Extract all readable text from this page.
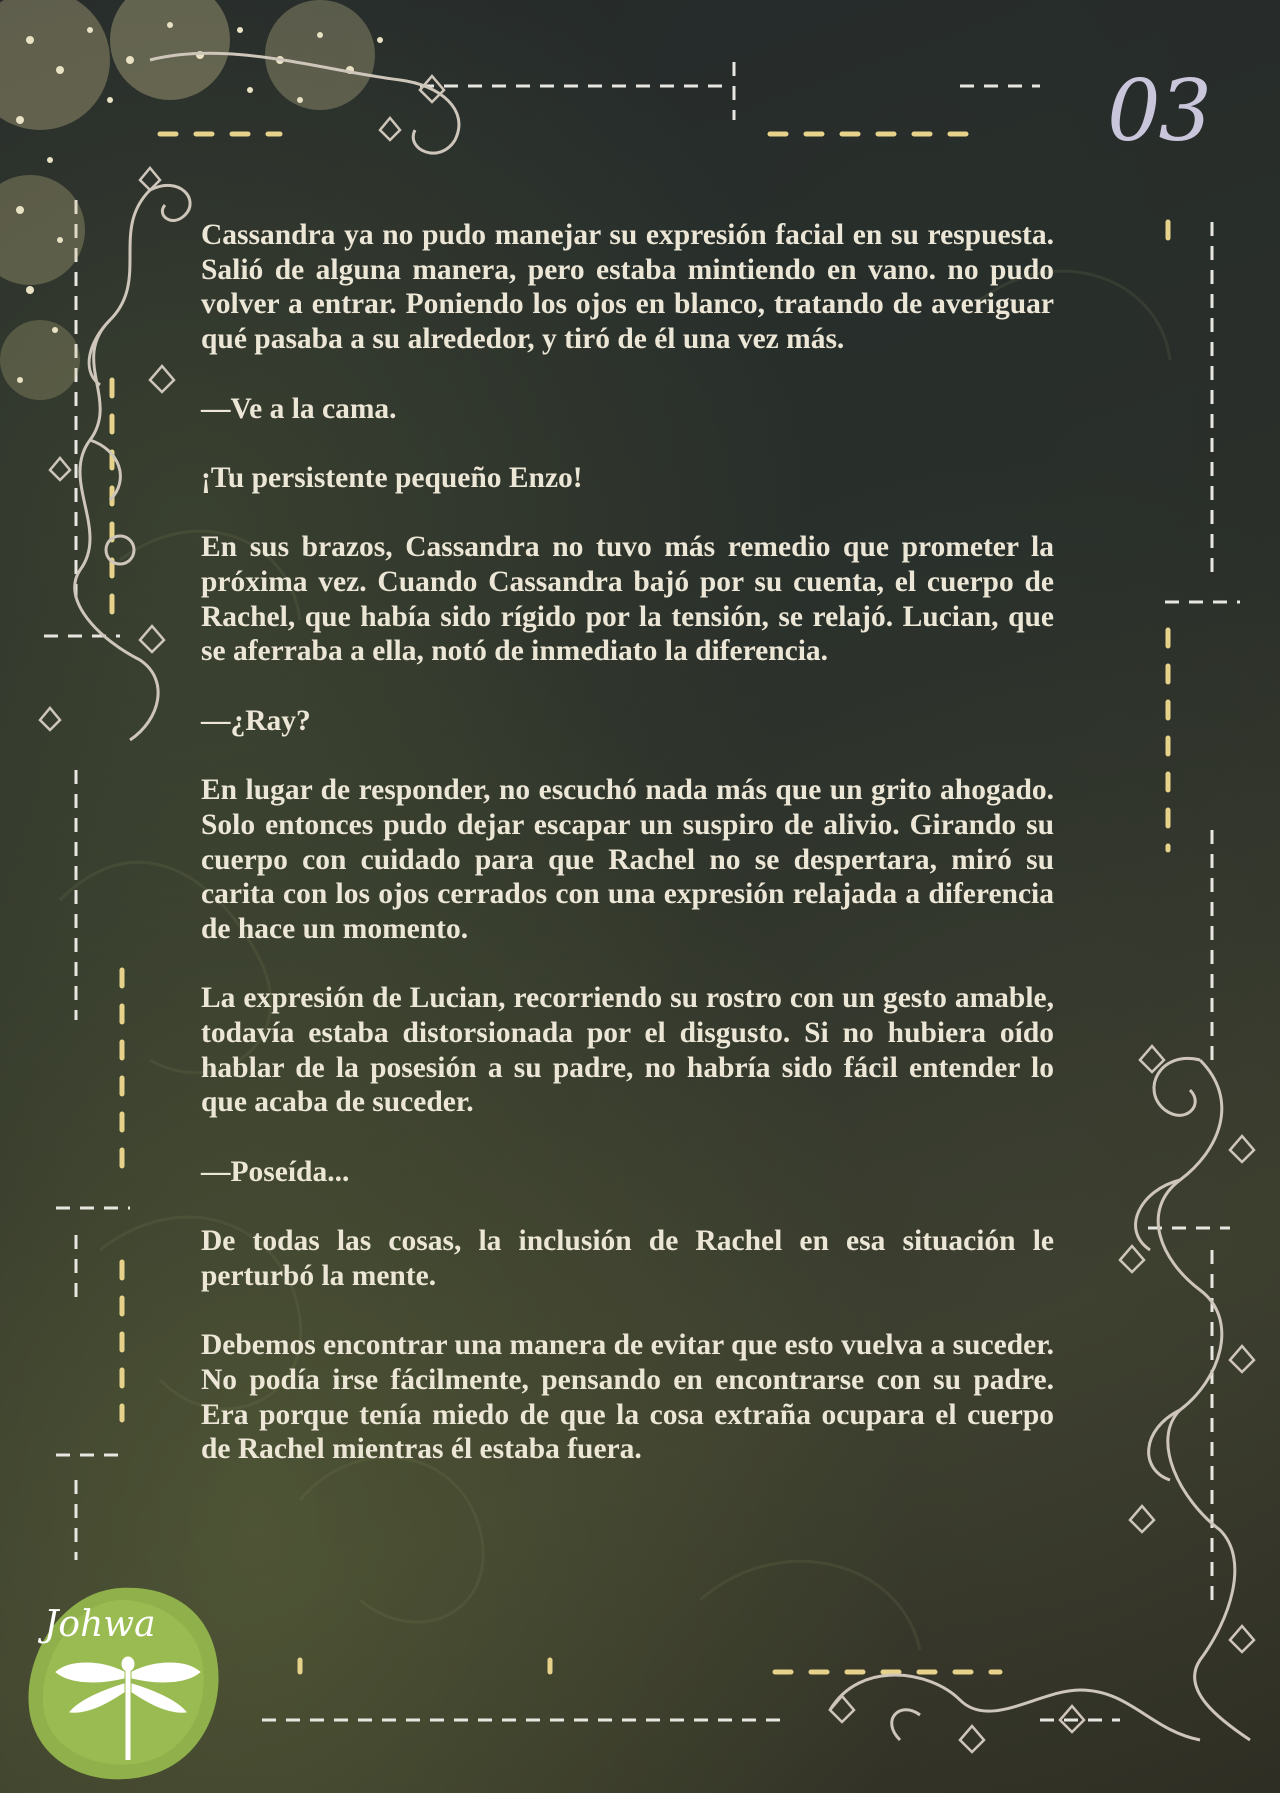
03

Cassandra ya no pudo manejar su expresión facial en su respuesta. Salió de alguna manera, pero estaba mintiendo en vano. no pudo volver a entrar. Poniendo los ojos en blanco, tratando de averiguar qué pasaba a su alrededor, y tiró de él una vez más.

—Ve a la cama.

¡Tu persistente pequeño Enzo!

En sus brazos, Cassandra no tuvo más remedio que prometer la próxima vez. Cuando Cassandra bajó por su cuenta, el cuerpo de Rachel, que había sido rígido por la tensión, se relajó. Lucian, que se aferraba a ella, notó de inmediato la diferencia.

—¿Ray?

En lugar de responder, no escuchó nada más que un grito ahogado. Solo entonces pudo dejar escapar un suspiro de alivio. Girando su cuerpo con cuidado para que Rachel no se despertara, miró su carita con los ojos cerrados con una expresión relajada a diferencia de hace un momento.

La expresión de Lucian, recorriendo su rostro con un gesto amable, todavía estaba distorsionada por el disgusto. Si no hubiera oído hablar de la posesión a su padre, no habría sido fácil entender lo que acaba de suceder.

—Poseída...

De todas las cosas, la inclusión de Rachel en esa situación le perturbó la mente.

Debemos encontrar una manera de evitar que esto vuelva a suceder. No podía irse fácilmente, pensando en encontrarse con su padre. Era porque tenía miedo de que la cosa extraña ocupara el cuerpo de Rachel mientras él estaba fuera.

Johwa
